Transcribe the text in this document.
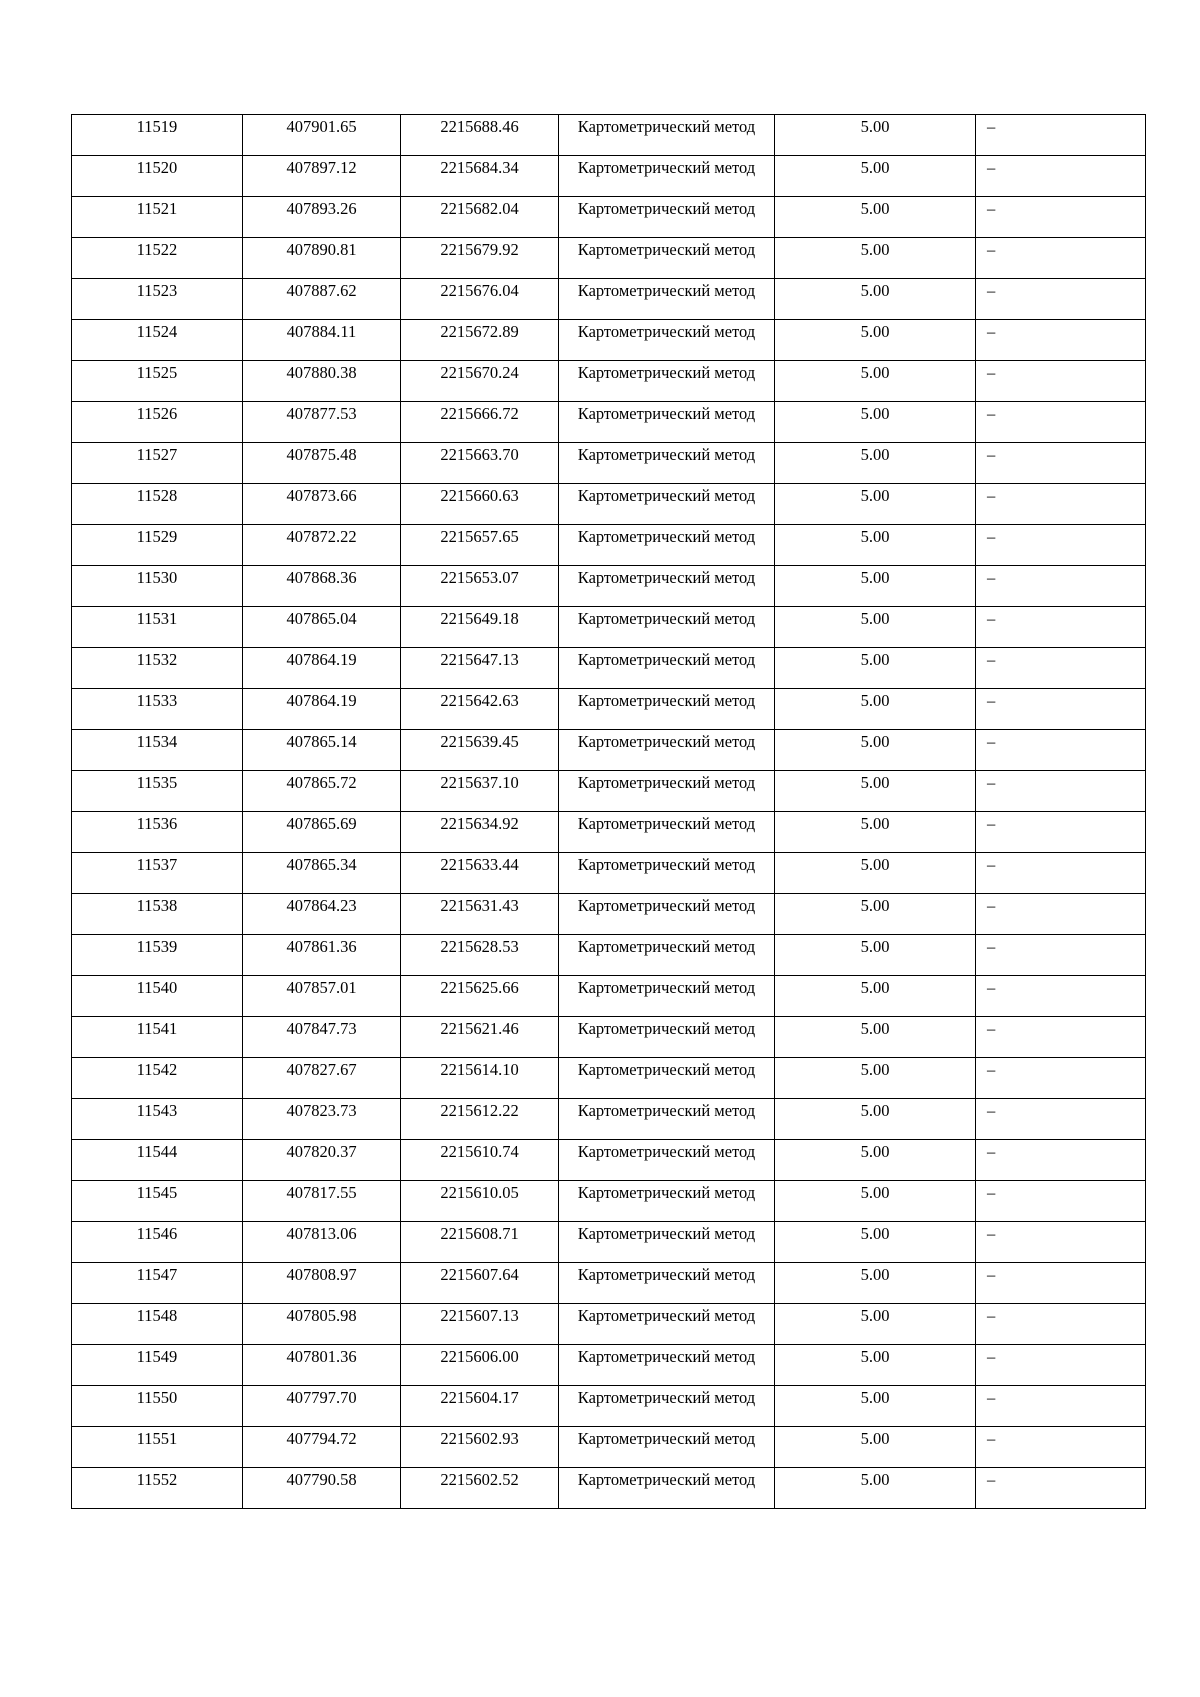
11519	407901.65	2215688.46	Картометрический метод	5.00	–

11520	407897.12	2215684.34	Картометрический метод	5.00	–

11521	407893.26	2215682.04	Картометрический метод	5.00	–

11522	407890.81	2215679.92	Картометрический метод	5.00	–

11523	407887.62	2215676.04	Картометрический метод	5.00	–

11524	407884.11	2215672.89	Картометрический метод	5.00	–

11525	407880.38	2215670.24	Картометрический метод	5.00	–

11526	407877.53	2215666.72	Картометрический метод	5.00	–

11527	407875.48	2215663.70	Картометрический метод	5.00	–

11528	407873.66	2215660.63	Картометрический метод	5.00	–

11529	407872.22	2215657.65	Картометрический метод	5.00	–

11530	407868.36	2215653.07	Картометрический метод	5.00	–

11531	407865.04	2215649.18	Картометрический метод	5.00	–

11532	407864.19	2215647.13	Картометрический метод	5.00	–

11533	407864.19	2215642.63	Картометрический метод	5.00	–

11534	407865.14	2215639.45	Картометрический метод	5.00	–

11535	407865.72	2215637.10	Картометрический метод	5.00	–

11536	407865.69	2215634.92	Картометрический метод	5.00	–

11537	407865.34	2215633.44	Картометрический метод	5.00	–

11538	407864.23	2215631.43	Картометрический метод	5.00	–

11539	407861.36	2215628.53	Картометрический метод	5.00	–

11540	407857.01	2215625.66	Картометрический метод	5.00	–

11541	407847.73	2215621.46	Картометрический метод	5.00	–

11542	407827.67	2215614.10	Картометрический метод	5.00	–

11543	407823.73	2215612.22	Картометрический метод	5.00	–

11544	407820.37	2215610.74	Картометрический метод	5.00	–

11545	407817.55	2215610.05	Картометрический метод	5.00	–

11546	407813.06	2215608.71	Картометрический метод	5.00	–

11547	407808.97	2215607.64	Картометрический метод	5.00	–

11548	407805.98	2215607.13	Картометрический метод	5.00	–

11549	407801.36	2215606.00	Картометрический метод	5.00	–

11550	407797.70	2215604.17	Картометрический метод	5.00	–

11551	407794.72	2215602.93	Картометрический метод	5.00	–

11552	407790.58	2215602.52	Картометрический метод	5.00	–
